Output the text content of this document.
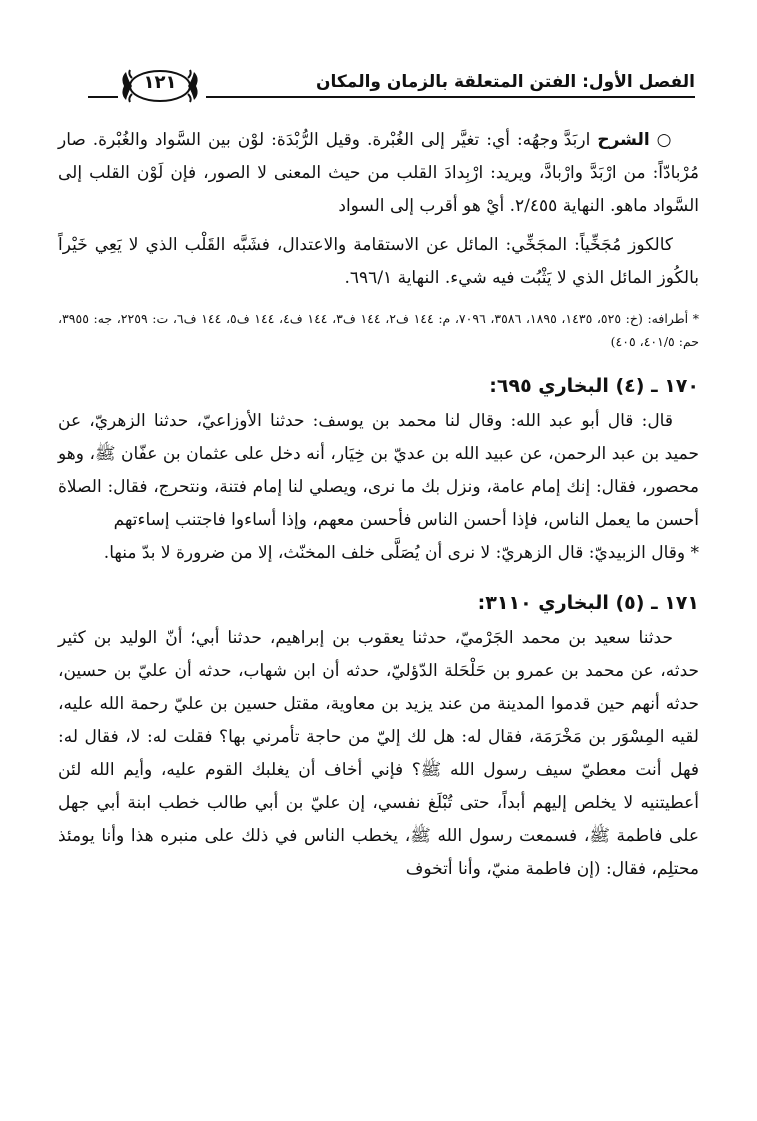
الفصل الأول: الفتن المتعلقة بالزمان والمكان
١٢١

○ الشرح اربَدَّ وجهُه: أي: تغيَّر إلى الغُبْرة. وقيل الرُّبْدَة: لوْن بين السَّواد والغُبْرة. صار مُرْبادّاً: من ارْبَدَّ وارْبادَّ، ويريد: ارْبِدادَ القلب من حيث المعنى لا الصور، فإن لَوْن القلب إلى السَّواد ماهو. النهاية ٢/٤٥٥. أيْ هو أقرب إلى السواد

كالكوز مُجَخِّياً: المجَخِّي: المائل عن الاستقامة والاعتدال، فشَبَّه القَلْب الذي لا يَعِي خَيْراً بالكُوز المائل الذي لا يَثْبُت فيه شيء. النهاية ٦٩٦/١.

* أطرافه: (خ: ٥٢٥، ١٤٣٥، ١٨٩٥، ٣٥٨٦، ٧٠٩٦، م: ١٤٤ ف٢، ١٤٤ ف٣، ١٤٤ ف٤، ١٤٤ ف٥، ١٤٤ ف٦، ت: ٢٢٥٩، جه: ٣٩٥٥، حم: ٤٠١/٥، ٤٠٥)

١٧٠ ـ (٤) البخاري ٦٩٥:

قال: قال أبو عبد الله: وقال لنا محمد بن يوسف: حدثنا الأوزاعيّ، حدثنا الزهريّ، عن حميد بن عبد الرحمن، عن عبيد الله بن عديّ بن خِيَار، أنه دخل على عثمان بن عفّان ﷺ، وهو محصور، فقال: إنك إمام عامة، ونزل بك ما نرى، ويصلي لنا إمام فتنة، ونتحرج، فقال: الصلاة أحسن ما يعمل الناس، فإذا أحسن الناس فأحسن معهم، وإذا أساءوا فاجتنب إساءتهم

* وقال الزبيديّ: قال الزهريّ: لا نرى أن يُصَلَّى خلف المخنّث، إلا من ضرورة لا بدّ منها.

١٧١ ـ (٥) البخاري ٣١١٠:

حدثنا سعيد بن محمد الجَرْميّ، حدثنا يعقوب بن إبراهيم، حدثنا أبي؛ أنّ الوليد بن كثير حدثه، عن محمد بن عمرو بن حَلْحَلة الدّؤليّ، حدثه أن ابن شهاب، حدثه أن عليّ بن حسين، حدثه أنهم حين قدموا المدينة من عند يزيد بن معاوية، مقتل حسين بن عليّ رحمة الله عليه، لقيه المِسْوَر بن مَخْرَمَة، فقال له: هل لك إليّ من حاجة تأمرني بها؟ فقلت له: لا، فقال له: فهل أنت معطيّ سيف رسول الله ﷺ؟ فإني أخاف أن يغلبك القوم عليه، وأيم الله لئن أعطيتنيه لا يخلص إليهم أبداً، حتى تُبْلَغ نفسي، إن عليّ بن أبي طالب خطب ابنة أبي جهل على فاطمة ﷺ، فسمعت رسول الله ﷺ، يخطب الناس في ذلك على منبره هذا وأنا يومئذ محتلِم، فقال: (إن فاطمة منيّ، وأنا أتخوف
